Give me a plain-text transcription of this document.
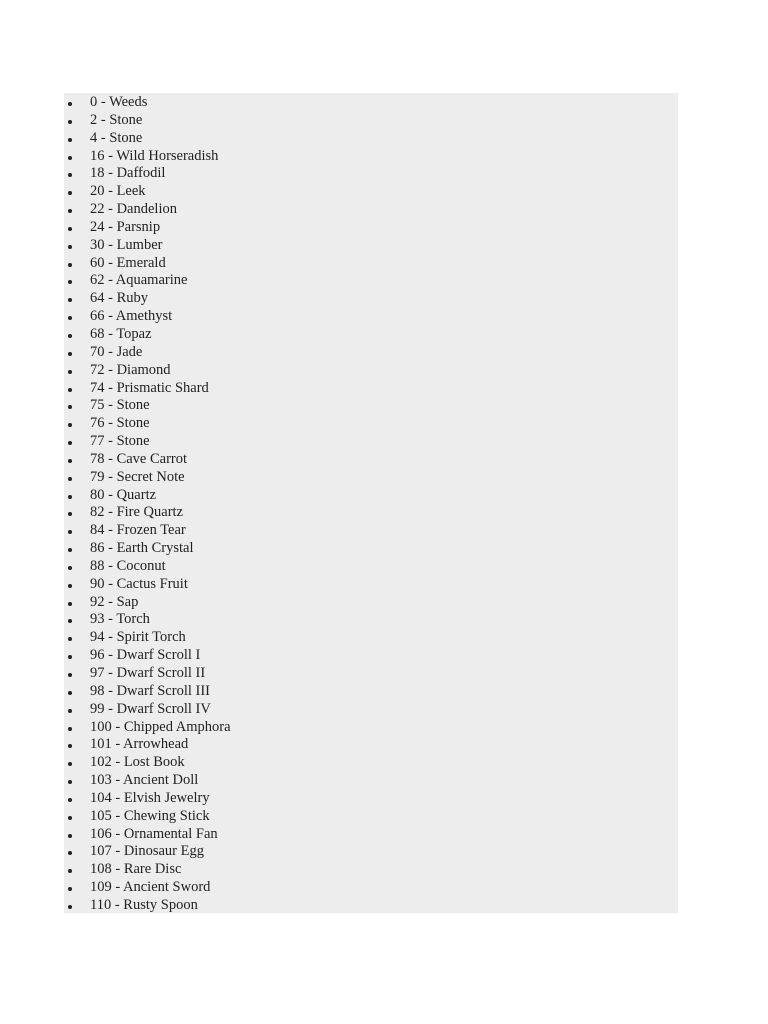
0 - Weeds
2 - Stone
4 - Stone
16 - Wild Horseradish
18 - Daffodil
20 - Leek
22 - Dandelion
24 - Parsnip
30 - Lumber
60 - Emerald
62 - Aquamarine
64 - Ruby
66 - Amethyst
68 - Topaz
70 - Jade
72 - Diamond
74 - Prismatic Shard
75 - Stone
76 - Stone
77 - Stone
78 - Cave Carrot
79 - Secret Note
80 - Quartz
82 - Fire Quartz
84 - Frozen Tear
86 - Earth Crystal
88 - Coconut
90 - Cactus Fruit
92 - Sap
93 - Torch
94 - Spirit Torch
96 - Dwarf Scroll I
97 - Dwarf Scroll II
98 - Dwarf Scroll III
99 - Dwarf Scroll IV
100 - Chipped Amphora
101 - Arrowhead
102 - Lost Book
103 - Ancient Doll
104 - Elvish Jewelry
105 - Chewing Stick
106 - Ornamental Fan
107 - Dinosaur Egg
108 - Rare Disc
109 - Ancient Sword
110 - Rusty Spoon
